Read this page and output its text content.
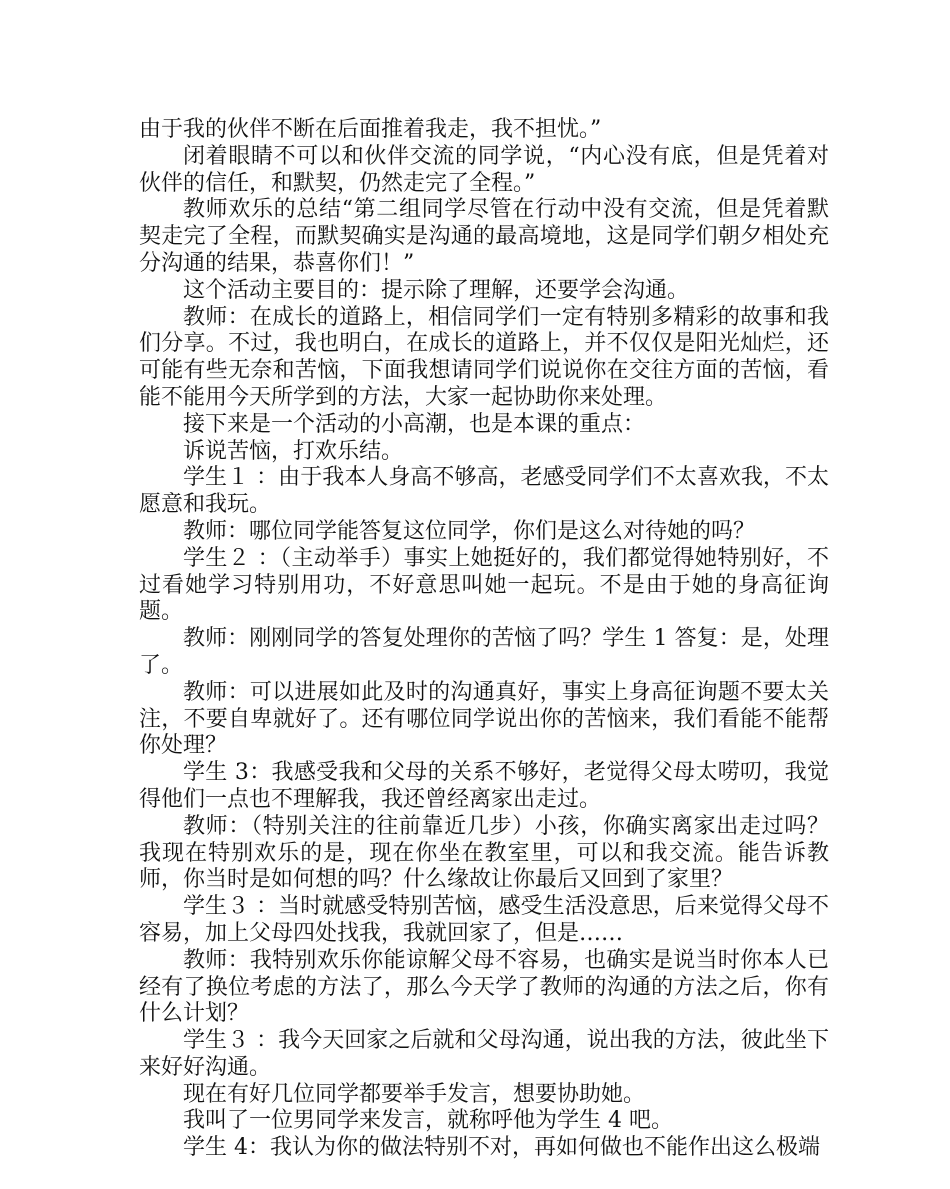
由于我的伙伴不断在后面推着我走，我不担忧。”

闭着眼睛不可以和伙伴交流的同学说，“内心没有底，但是凭着对伙伴的信任，和默契，仍然走完了全程。”

教师欢乐的总结“第二组同学尽管在行动中没有交流，但是凭着默契走完了全程，而默契确实是沟通的最高境地，这是同学们朝夕相处充分沟通的结果，恭喜你们！”

这个活动主要目的：提示除了理解，还要学会沟通。

教师：在成长的道路上，相信同学们一定有特别多精彩的故事和我们分享。不过，我也明白，在成长的道路上，并不仅仅是阳光灿烂，还可能有些无奈和苦恼，下面我想请同学们说说你在交往方面的苦恼，看能不能用今天所学到的方法，大家一起协助你来处理。

接下来是一个活动的小高潮，也是本课的重点：

诉说苦恼，打欢乐结。

学生１ ：由于我本人身高不够高，老感受同学们不太喜欢我，不太愿意和我玩。

教师：哪位同学能答复这位同学，你们是这么对待她的吗？

学生２ ：（主动举手）事实上她挺好的，我们都觉得她特别好，不过看她学习特别用功，不好意思叫她一起玩。不是由于她的身高征询题。

教师：刚刚同学的答复处理你的苦恼了吗？学生 1 答复：是，处理了。

教师：可以进展如此及时的沟通真好，事实上身高征询题不要太关注，不要自卑就好了。还有哪位同学说出你的苦恼来，我们看能不能帮你处理？

学生 3：我感受我和父母的关系不够好，老觉得父母太唠叨，我觉得他们一点也不理解我，我还曾经离家出走过。

教师：（特别关注的往前靠近几步）小孩，你确实离家出走过吗？我现在特别欢乐的是，现在你坐在教室里，可以和我交流。能告诉教师，你当时是如何想的吗？什么缘故让你最后又回到了家里？

学生３ ：当时就感受特别苦恼，感受生活没意思，后来觉得父母不容易，加上父母四处找我，我就回家了，但是……

教师：我特别欢乐你能谅解父母不容易，也确实是说当时你本人已经有了换位考虑的方法了，那么今天学了教师的沟通的方法之后，你有什么计划？

学生３ ：我今天回家之后就和父母沟通，说出我的方法，彼此坐下来好好沟通。

现在有好几位同学都要举手发言，想要协助她。

我叫了一位男同学来发言，就称呼他为学生 4 吧。

学生 4：我认为你的做法特别不对，再如何做也不能作出这么极端
